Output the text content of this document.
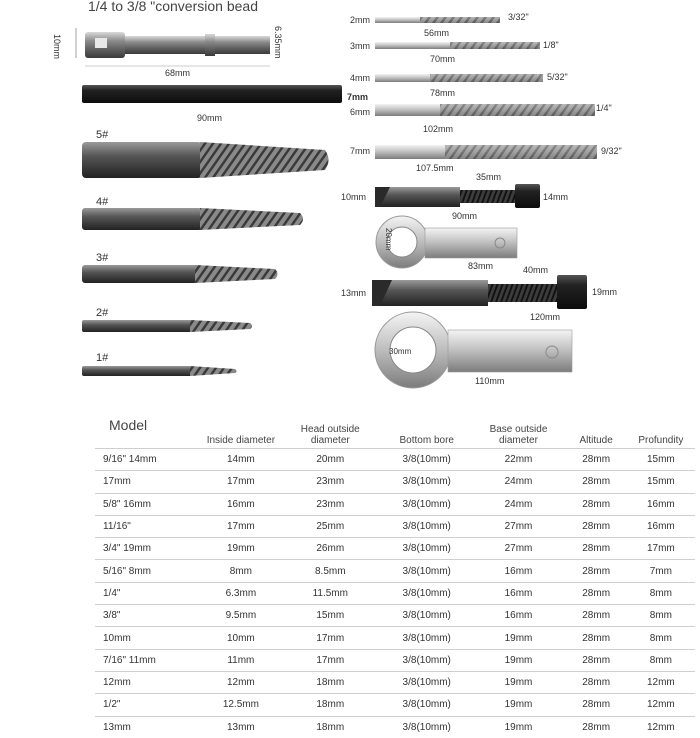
1/4 to 3/8 "conversion bead
10mm	6.35mm
68mm
90mm
7mm
5#
4#
3#
2#
1#
2mm	3/32"
56mm
3mm	1/8"
70mm
4mm	5/32"
78mm
6mm	1/4"
102mm
7mm	9/32"
107.5mm
10mm
35mm
14mm
90mm
20mm
83mm
13mm
40mm
19mm
120mm
30mm
110mm
Model	Inside diameter	Head outside diameter	Bottom bore	Base outside diameter	Altitude	Profundity
9/16" 14mm	14mm	20mm	3/8(10mm)	22mm	28mm	15mm
17mm	17mm	23mm	3/8(10mm)	24mm	28mm	15mm
5/8" 16mm	16mm	23mm	3/8(10mm)	24mm	28mm	16mm
11/16"	17mm	25mm	3/8(10mm)	27mm	28mm	16mm
3/4" 19mm	19mm	26mm	3/8(10mm)	27mm	28mm	17mm
5/16" 8mm	8mm	8.5mm	3/8(10mm)	16mm	28mm	7mm
1/4"	6.3mm	11.5mm	3/8(10mm)	16mm	28mm	8mm
3/8"	9.5mm	15mm	3/8(10mm)	16mm	28mm	8mm
10mm	10mm	17mm	3/8(10mm)	19mm	28mm	8mm
7/16" 11mm	11mm	17mm	3/8(10mm)	19mm	28mm	8mm
12mm	12mm	18mm	3/8(10mm)	19mm	28mm	12mm
1/2"	12.5mm	18mm	3/8(10mm)	19mm	28mm	12mm
13mm	13mm	18mm	3/8(10mm)	19mm	28mm	12mm
